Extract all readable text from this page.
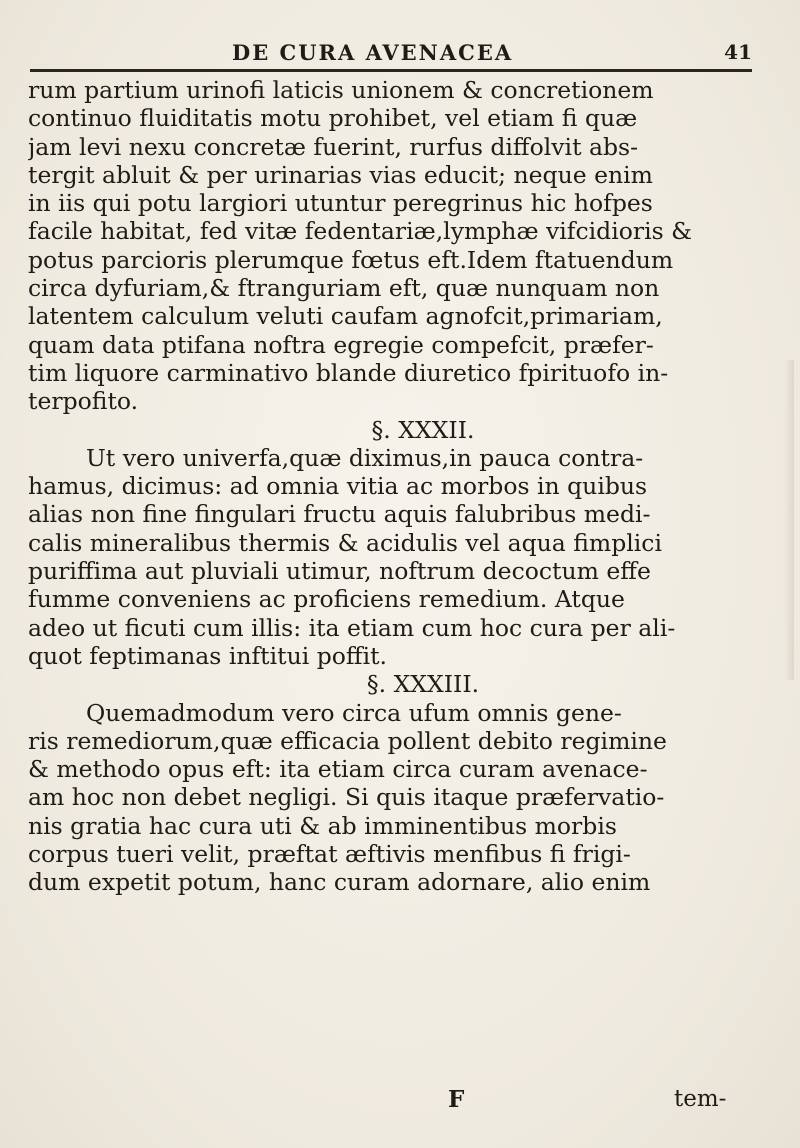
DE CURA AVENACEA	41
rum partium urinofi laticis unionem & concretionem
continuo fluiditatis motu prohibet, vel etiam fi quæ
jam levi nexu concretæ fuerint, rurfus diffolvit abs-
tergit abluit & per urinarias vias educit; neque enim
in iis qui potu largiori utuntur peregrinus hic hofpes
facile habitat, fed vitæ fedentariæ,lymphæ vifcidioris &
potus parcioris plerumque fœtus eft.Idem ftatuendum
circa dyfuriam,& ftranguriam eft, quæ nunquam non
latentem calculum veluti caufam agnofcit,primariam,
quam data ptifana noftra egregie compefcit, præfer-
tim liquore carminativo blande diuretico fpirituofo in-
terpofito.
§. XXXII.
Ut vero univerfa,quæ diximus,in pauca contra-
hamus, dicimus: ad omnia vitia ac morbos in quibus
alias non fine fingulari fructu aquis falubribus medi-
calis mineralibus thermis & acidulis vel aqua fimplici
puriffima aut pluviali utimur, noftrum decoctum effe
fumme conveniens ac proficiens remedium. Atque
adeo ut ficuti cum illis: ita etiam cum hoc cura per ali-
quot feptimanas inftitui poffit.
§. XXXIII.
Quemadmodum vero circa ufum omnis gene-
ris remediorum,quæ efficacia pollent debito regimine
& methodo opus eft: ita etiam circa curam avenace-
am hoc non debet negligi. Si quis itaque præfervatio-
nis gratia hac cura uti & ab imminentibus morbis
corpus tueri velit, præftat æftivis menfibus fi frigi-
dum expetit potum, hanc curam adornare, alio enim
F	tem-
